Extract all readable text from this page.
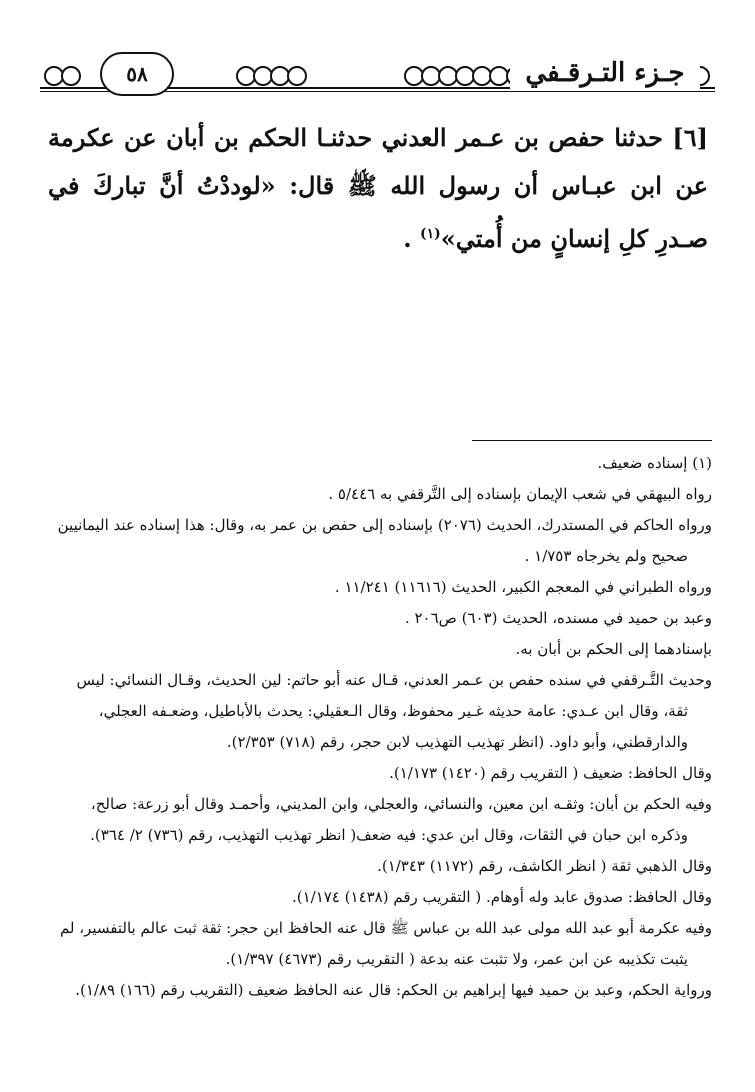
٥٨	جـزء التـرقـفي
[٦] حدثنا حفص بن عـمر العدني حدثنـا الحكم بن أبان عن عكرمة عن ابن عبـاس أن رسول الله ﷺ قال: «لوددْتُ أنَّ تباركَ في صـدرِ كلِ إنسانٍ من أُمتي»$^{(١)}$ .
(١) إسناده ضعيف.
رواه البيهقي في شعب الإيمان بإسناده إلى التَّرقفي به ٥/٤٤٦ .
ورواه الحاكم في المستدرك، الحديث (٢٠٧٦) بإسناده إلى حفص بن عمر به، وقال: هذا إسناده عند اليمانيين
صحيح ولم يخرجاه ١/٧٥٣ .
ورواه الطبراني في المعجم الكبير، الحديث (١١٦١٦) ١١/٢٤١ .
وعبد بن حميد في مسنده، الحديث (٦٠٣) ص٢٠٦ .
بإسنادهما إلى الحكم بن أبان به.
وحديث التَّـرقفي في سنده حفص بن عـمر العدني، قـال عنه أبو حاتم: لين الحديث، وقـال النسائي: ليس
ثقة، وقال ابن عـدي: عامة حديثه غـير محفوظ، وقال الـعقيلي: يحدث بالأباطيل، وضعـفه العجلي،
والدارقطني، وأبو داود. (انظر تهذيب التهذيب لابن حجر، رقم (٧١٨) ٢/٣٥٣).
وقال الحافظ: ضعيف ( التقريب رقم (١٤٢٠) ١/١٧٣).
وفيه الحكم بن أبان: وثقـه ابن معين، والنسائي، والعجلي، وابن المديني، وأحمـد وقال أبو زرعة: صالح،
وذكره ابن حبان في الثقات، وقال ابن عدي: فيه ضعف( انظر تهذيب التهذيب، رقم (٧٣٦) ٢/ ٣٦٤).
وقال الذهبي ثقة ( انظر الكاشف، رقم (١١٧٢) ١/٣٤٣).
وقال الحافظ: صدوق عابد وله أوهام. ( التقريب رقم (١٤٣٨) ١/١٧٤).
وفيه عكرمة أبو عبد الله مولى عبد الله بن عباس ﷺ قال عنه الحافظ ابن حجر: ثقة ثبت عالم بالتفسير، لم
يثبت تكذيبه عن ابن عمر، ولا تثبت عنه بدعة ( التقريب رقم (٤٦٧٣) ١/٣٩٧).
ورواية الحكم، وعبد بن حميد فيها إبراهيم بن الحكم: قال عنه الحافظ ضعيف (التقريب رقم (١٦٦) ١/٨٩).
